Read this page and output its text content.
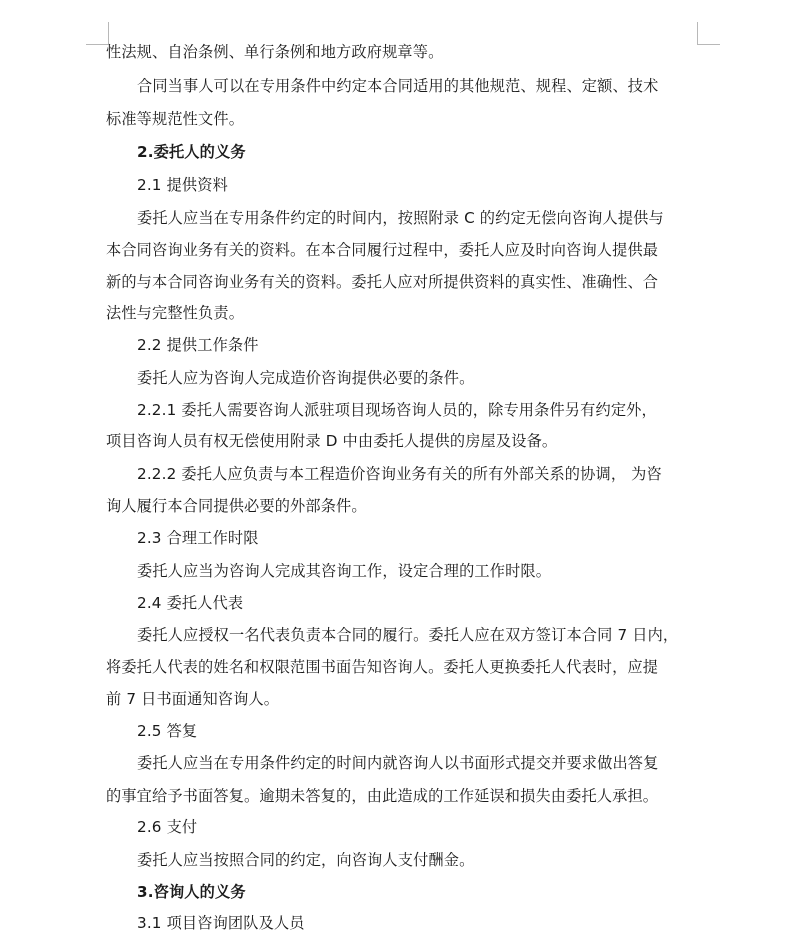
性法规、自治条例、单行条例和地方政府规章等。
合同当事人可以在专用条件中约定本合同适用的其他规范、规程、定额、技术
标准等规范性文件。
2.委托人的义务
2.1 提供资料
委托人应当在专用条件约定的时间内，按照附录 C 的约定无偿向咨询人提供与
本合同咨询业务有关的资料。在本合同履行过程中，委托人应及时向咨询人提供最
新的与本合同咨询业务有关的资料。委托人应对所提供资料的真实性、准确性、合
法性与完整性负责。
2.2 提供工作条件
委托人应为咨询人完成造价咨询提供必要的条件。
2.2.1 委托人需要咨询人派驻项目现场咨询人员的，除专用条件另有约定外，
项目咨询人员有权无偿使用附录 D 中由委托人提供的房屋及设备。
2.2.2 委托人应负责与本工程造价咨询业务有关的所有外部关系的协调， 为咨
询人履行本合同提供必要的外部条件。
2.3 合理工作时限
委托人应当为咨询人完成其咨询工作，设定合理的工作时限。
2.4 委托人代表
委托人应授权一名代表负责本合同的履行。委托人应在双方签订本合同 7 日内，
将委托人代表的姓名和权限范围书面告知咨询人。委托人更换委托人代表时，应提
前 7 日书面通知咨询人。
2.5 答复
委托人应当在专用条件约定的时间内就咨询人以书面形式提交并要求做出答复
的事宜给予书面答复。逾期未答复的，由此造成的工作延误和损失由委托人承担。
2.6 支付
委托人应当按照合同的约定，向咨询人支付酬金。
3.咨询人的义务
3.1 项目咨询团队及人员
